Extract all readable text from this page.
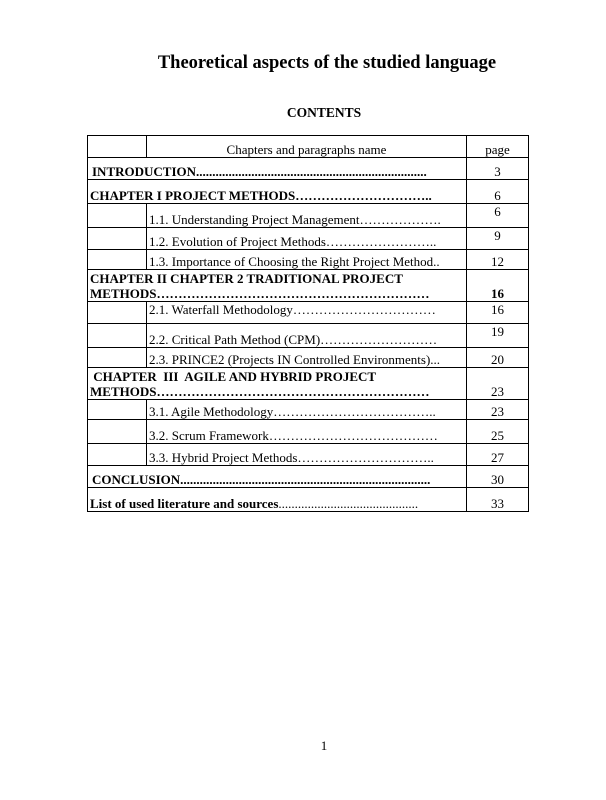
Theoretical aspects of the studied language
CONTENTS
	Chapters and paragraphs name	page
INTRODUCTION.......................................................................		3
CHAPTER I PROJECT METHODS…………………………..		6
	1.1. Understanding Project Management……………….	6
	1.2. Evolution of Project Methods……………………..	9
	1.3. Importance of Choosing the Right Project Method..	12

CHAPTER II CHAPTER 2 TRADITIONAL PROJECT
METHODS………………………………………………………		16
	2.1. Waterfall Methodology……………………………	16
	2.2. Critical Path Method (CPM)………………………	19
	2.3. PRINCE2 (Projects IN Controlled Environments)...	20

CHAPTER  III  AGILE AND HYBRID PROJECT
METHODS………………………………………………………		23
	3.1. Agile Methodology………………………………..	23
	3.2. Scrum Framework…………………………………	25
	3.3. Hybrid Project Methods…………………………..	27
CONCLUSION.............................................................................		30
List of used literature and sources...........................................		33
1
